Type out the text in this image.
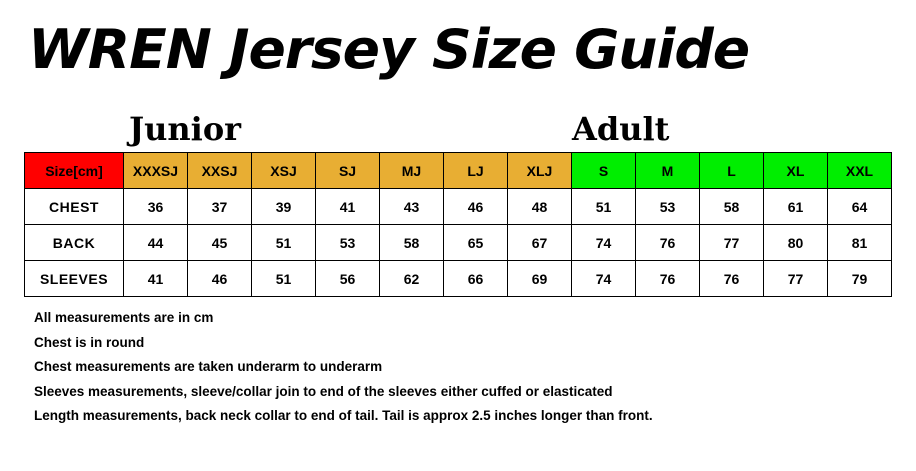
WREN Jersey Size Guide
Junior	Adult
Size[cm]	XXXSJ	XXSJ	XSJ	SJ	MJ	LJ	XLJ	S	M	L	XL	XXL
CHEST	36	37	39	41	43	46	48	51	53	58	61	64
BACK	44	45	51	53	58	65	67	74	76	77	80	81
SLEEVES	41	46	51	56	62	66	69	74	76	76	77	79
All measurements are in cm
Chest is in round
Chest measurements are taken underarm to underarm
Sleeves measurements, sleeve/collar join to end of the sleeves either cuffed or elasticated
Length measurements, back neck collar to end of tail. Tail is approx 2.5 inches longer than front.
